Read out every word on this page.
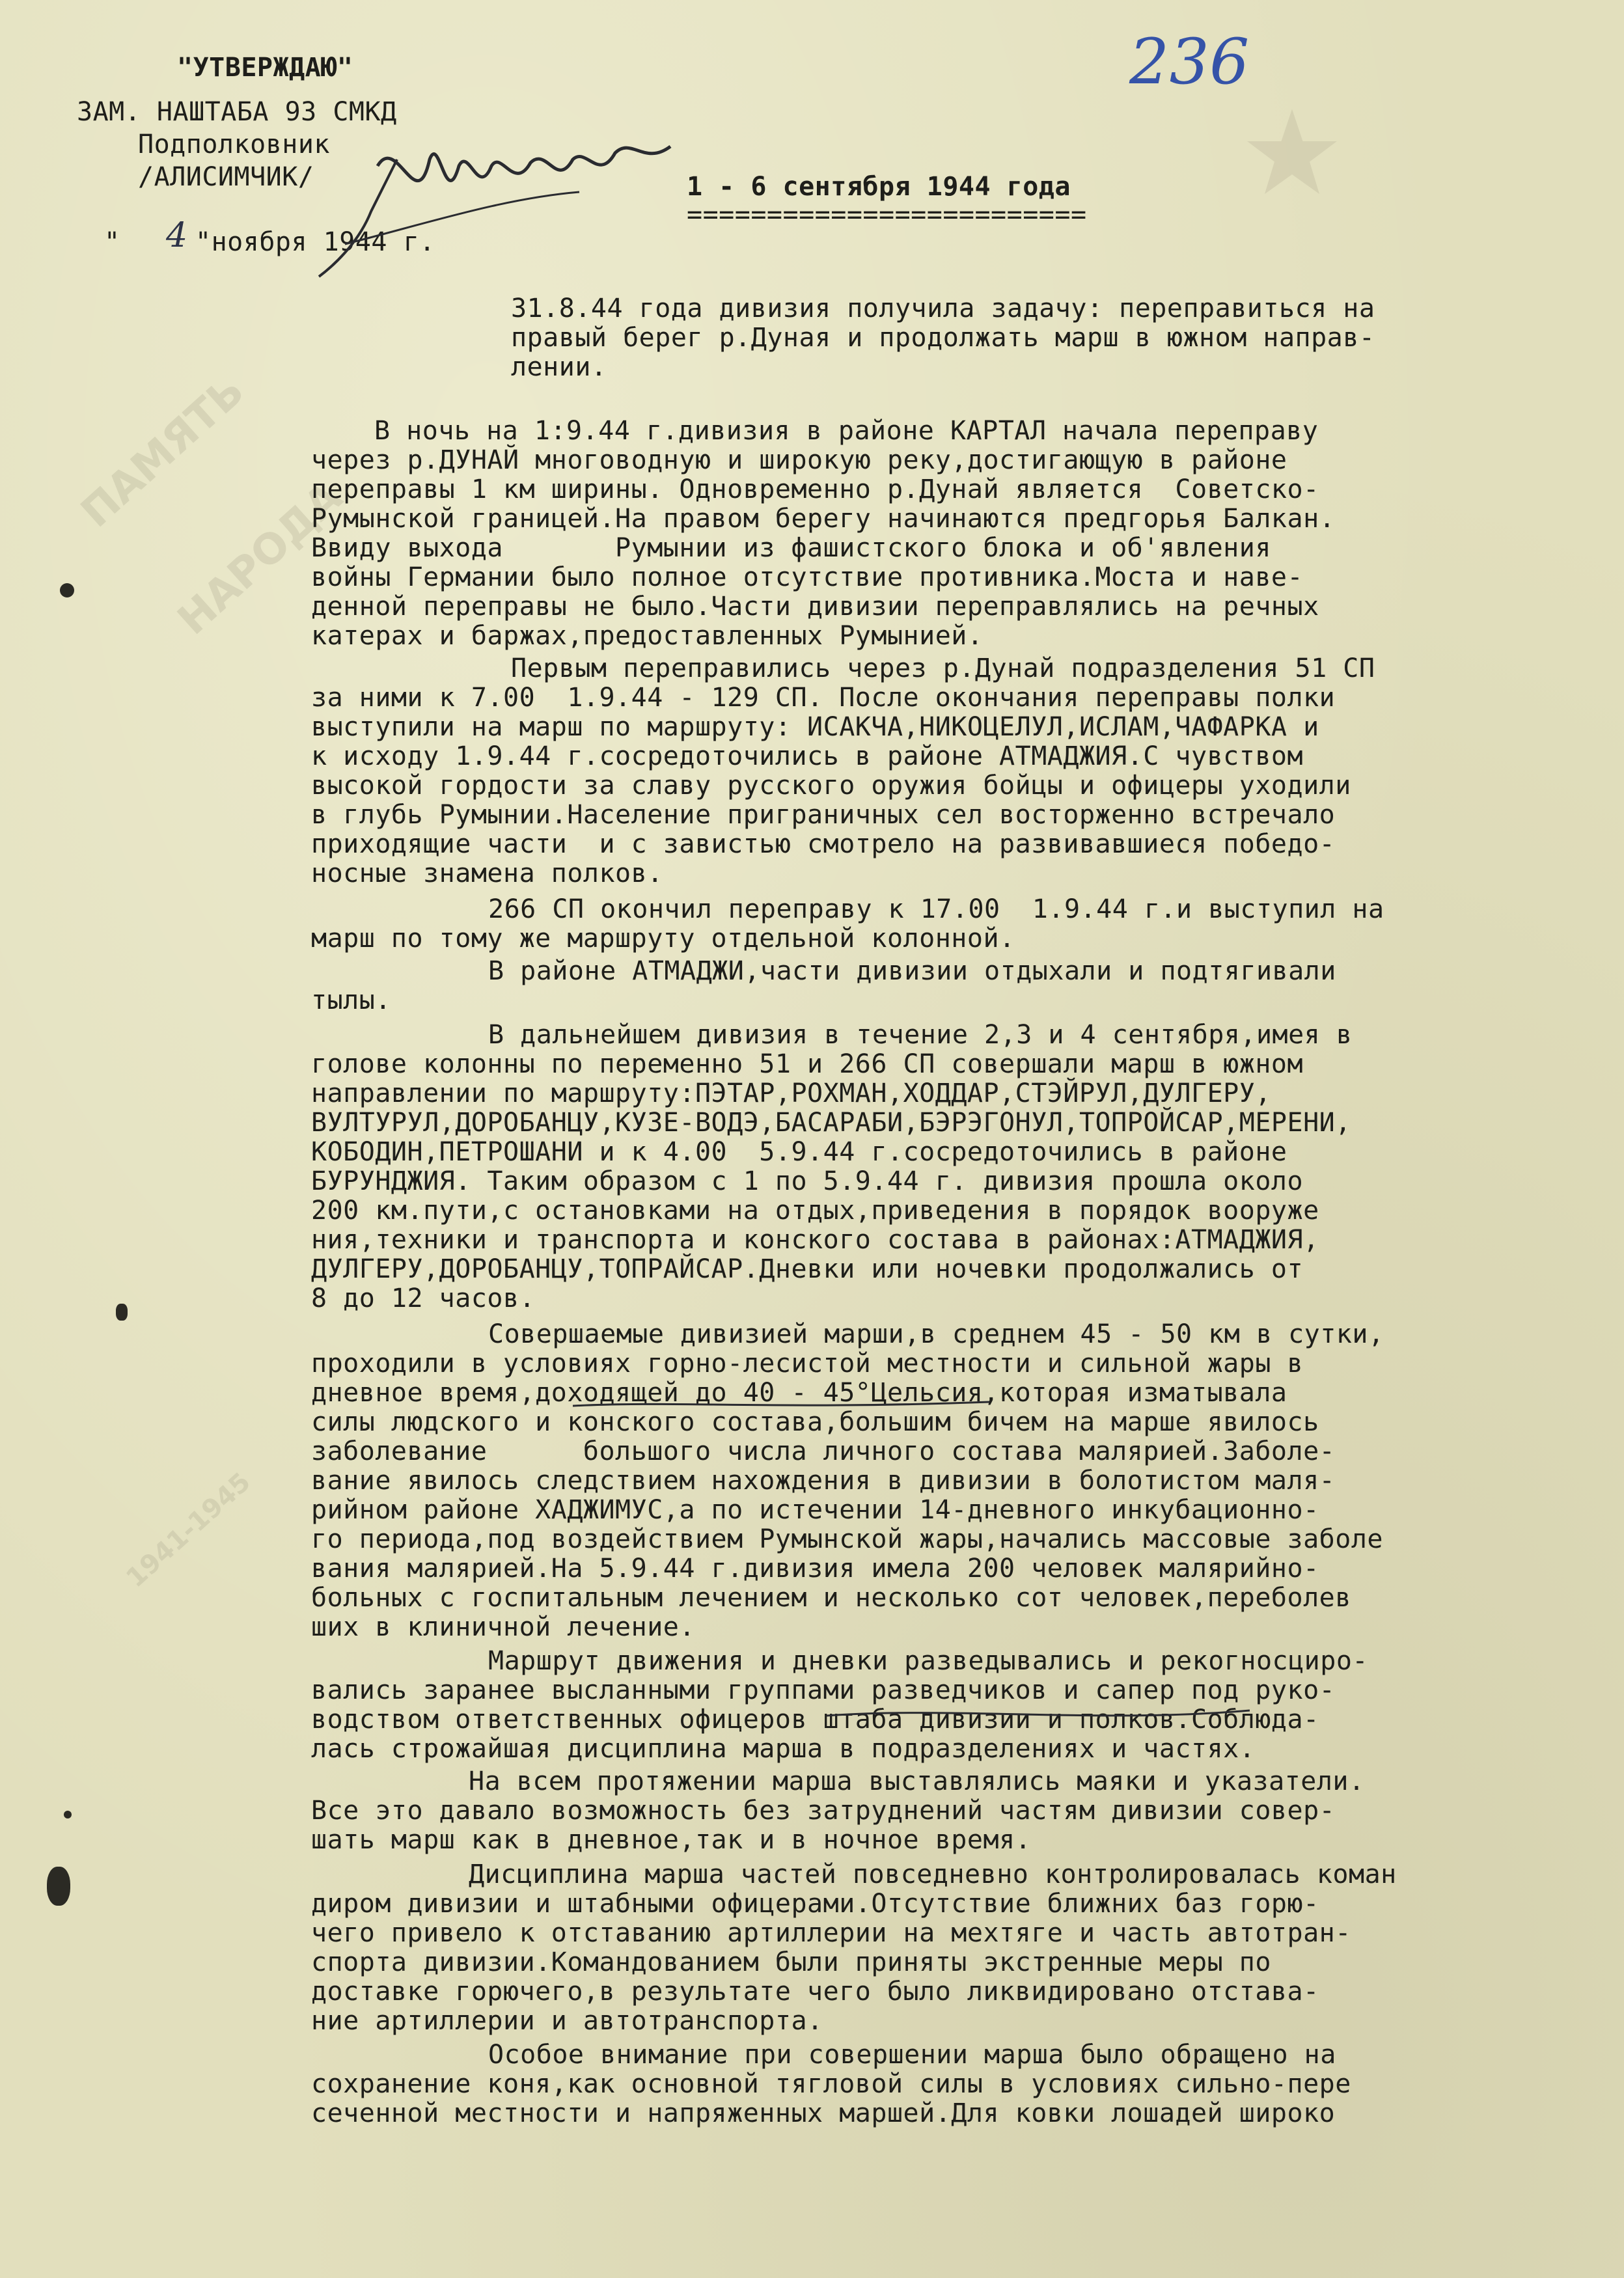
ПАМЯТЬ

НАРОДА

1941-1945

"УТВЕРЖДАЮ"
ЗАМ. НАШТАБА 93 СМКД
Подполковник
/АЛИСИМЧИК/
" 4 "ноября 1944 г.
236
1 - 6 сентября 1944 года
=========================
31.8.44 года дивизия получила задачу: переправиться на
правый берег р.Дуная и продолжать марш в южном направ-
лении.
В ночь на 1:9.44 г.дивизия в районе КАРТАЛ начала переправу
через р.ДУНАЙ многоводную и широкую реку,достигающую в районе
переправы 1 км ширины. Одновременно р.Дунай является  Советско-
Румынской границей.На правом берегу начинаются предгорья Балкан.
Ввиду выхода       Румынии из фашистского блока и об'явления
войны Германии было полное отсутствие противника.Моста и наве-
денной переправы не было.Части дивизии переправлялись на речных
катерах и баржах,предоставленных Румынией.
Первым переправились через р.Дунай подразделения 51 СП
за ними к 7.00  1.9.44 - 129 СП. После окончания переправы полки
выступили на марш по маршруту: ИСАКЧА,НИКОЦЕЛУЛ,ИСЛАМ,ЧАФАРКА и
к исходу 1.9.44 г.сосредоточились в районе АТМАДЖИЯ.С чувством
высокой гордости за славу русского оружия бойцы и офицеры уходили
в глубь Румынии.Население приграничных сел восторженно встречало
приходящие части  и с завистью смотрело на развивавшиеся победо-
носные знамена полков.
266 СП окончил переправу к 17.00  1.9.44 г.и выступил на
марш по тому же маршруту отдельной колонной.
В районе АТМАДЖИ,части дивизии отдыхали и подтягивали
тылы.
В дальнейшем дивизия в течение 2,3 и 4 сентября,имея в
голове колонны по переменно 51 и 266 СП совершали марш в южном
направлении по маршруту:ПЭТАР,РОХМАН,ХОДДАР,СТЭЙРУЛ,ДУЛГЕРУ,
ВУЛТУРУЛ,ДОРОБАНЦУ,КУЗЕ-ВОДЭ,БАСАРАБИ,БЭРЭГОНУЛ,ТОПРОЙСАР,МЕРЕНИ,
КОБОДИН,ПЕТРОШАНИ и к 4.00  5.9.44 г.сосредоточились в районе
БУРУНДЖИЯ. Таким образом с 1 по 5.9.44 г. дивизия прошла около
200 км.пути,с остановками на отдых,приведения в порядок вооруже
ния,техники и транспорта и конского состава в районах:АТМАДЖИЯ,
ДУЛГЕРУ,ДОРОБАНЦУ,ТОПРАЙСАР.Дневки или ночевки продолжались от
8 до 12 часов.
Совершаемые дивизией марши,в среднем 45 - 50 км в сутки,
проходили в условиях горно-лесистой местности и сильной жары в
дневное время,доходящей до 40 - 45°Цельсия,которая изматывала
силы людского и конского состава,большим бичем на марше явилось
заболевание      большого числа личного состава малярией.Заболе-
вание явилось следствием нахождения в дивизии в болотистом маля-
рийном районе ХАДЖИМУС,а по истечении 14-дневного инкубационно-
го периода,под воздействием Румынской жары,начались массовые заболе
вания малярией.На 5.9.44 г.дивизия имела 200 человек малярийно-
больных с госпитальным лечением и несколько сот человек,переболев
ших в клиничной лечение.
Маршрут движения и дневки разведывались и рекогносциро-
вались заранее высланными группами разведчиков и сапер под руко-
водством ответственных офицеров штаба дивизии и полков.Соблюда-
лась строжайшая дисциплина марша в подразделениях и частях.
На всем протяжении марша выставлялись маяки и указатели.
Все это давало возможность без затруднений частям дивизии совер-
шать марш как в дневное,так и в ночное время.
Дисциплина марша частей повседневно контролировалась коман
диром дивизии и штабными офицерами.Отсутствие ближних баз горю-
чего привело к отставанию артиллерии на мехтяге и часть автотран-
спорта дивизии.Командованием были приняты экстренные меры по
доставке горючего,в результате чего было ликвидировано отстава-
ние артиллерии и автотранспорта.
Особое внимание при совершении марша было обращено на
сохранение коня,как основной тягловой силы в условиях сильно-пере
сеченной местности и напряженных маршей.Для ковки лошадей широко
